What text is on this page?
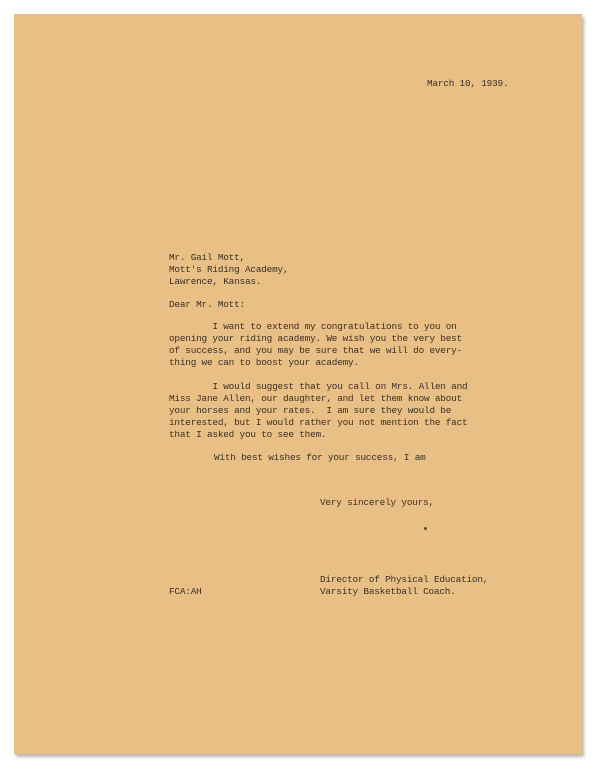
March 10, 1939.

Mr. Gail Mott,

Mott's Riding Academy,

Lawrence, Kansas.

Dear Mr. Mott:

I want to extend my congratulations to you on

opening your riding academy. We wish you the very best

of success, and you may be sure that we will do every-

thing we can to boost your academy.

I would suggest that you call on Mrs. Allen and

Miss Jane Allen, our daughter, and let them know about

your horses and your rates.  I am sure they would be

interested, but I would rather you not mention the fact

that I asked you to see them.

With best wishes for your success, I am

Very sincerely yours,

Director of Physical Education,

Varsity Basketball Coach.

FCA:AH
